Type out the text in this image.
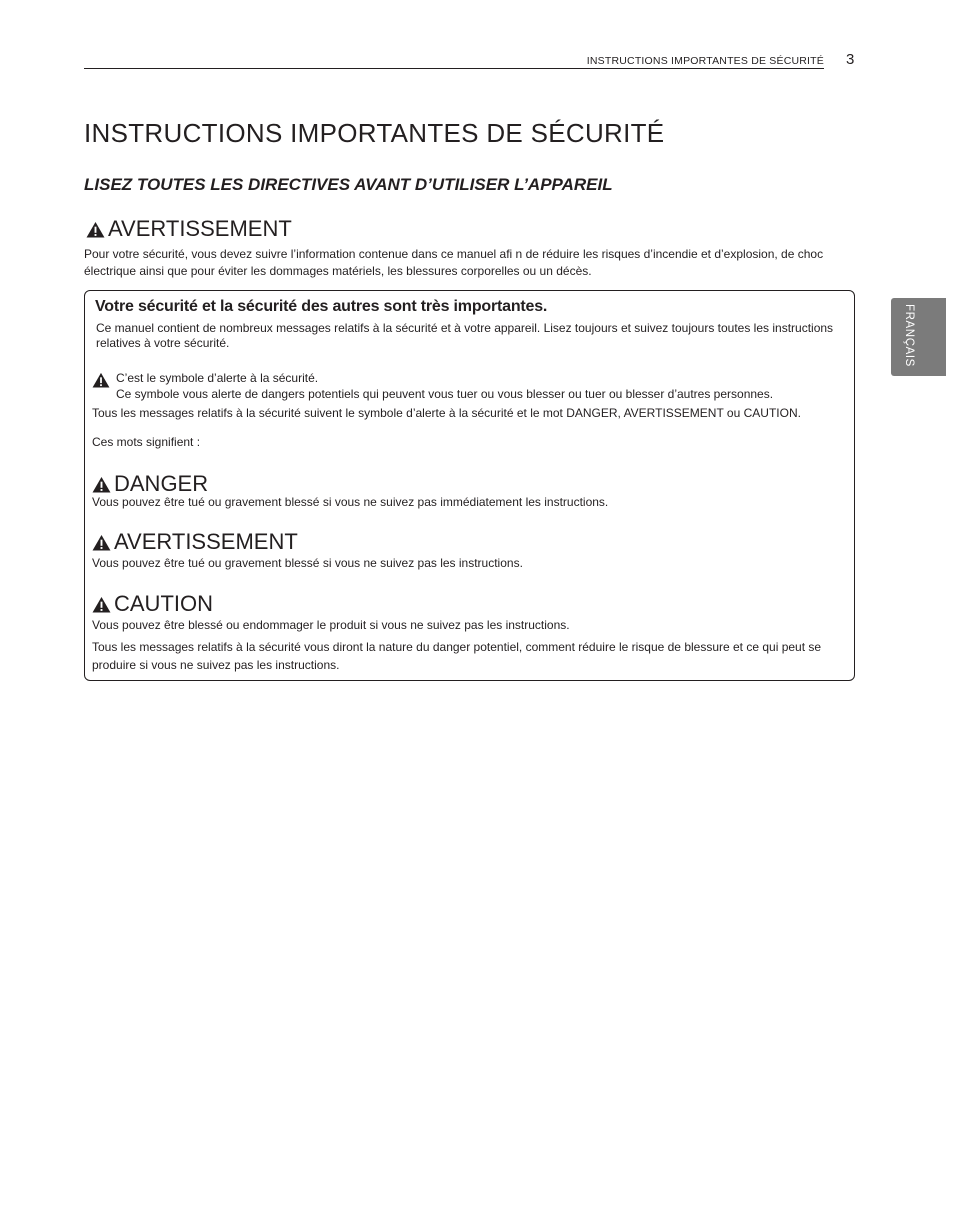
INSTRUCTIONS IMPORTANTES DE SÉCURITÉ 3
FRANÇAIS
INSTRUCTIONS IMPORTANTES DE SÉCURITÉ
LISEZ TOUTES LES DIRECTIVES AVANT D’UTILISER L’APPAREIL
AVERTISSEMENT

Pour votre sécurité, vous devez suivre l’information contenue dans ce manuel afi n de réduire les risques d’incendie et d’explosion, de choc électrique ainsi que pour éviter les dommages matériels, les blessures corporelles ou un décès.

Votre sécurité et la sécurité des autres sont très importantes.

Ce manuel contient de nombreux messages relatifs à la sécurité et à votre appareil. Lisez toujours et suivez toujours toutes les instructions relatives à votre sécurité.

C’est le symbole d’alerte à la sécurité.

Ce symbole vous alerte de dangers potentiels qui peuvent vous tuer ou vous blesser ou tuer ou blesser d’autres personnes.

Tous les messages relatifs à la sécurité suivent le symbole d’alerte à la sécurité et le mot DANGER, AVERTISSEMENT ou CAUTION.

Ces mots signifient :

DANGER

Vous pouvez être tué ou gravement blessé si vous ne suivez pas immédiatement les instructions.

AVERTISSEMENT

Vous pouvez être tué ou gravement blessé si vous ne suivez pas les instructions.

CAUTION

Vous pouvez être blessé ou endommager le produit si vous ne suivez pas les instructions.

Tous les messages relatifs à la sécurité vous diront la nature du danger potentiel, comment réduire le risque de blessure et ce qui peut se produire si vous ne suivez pas les instructions.
